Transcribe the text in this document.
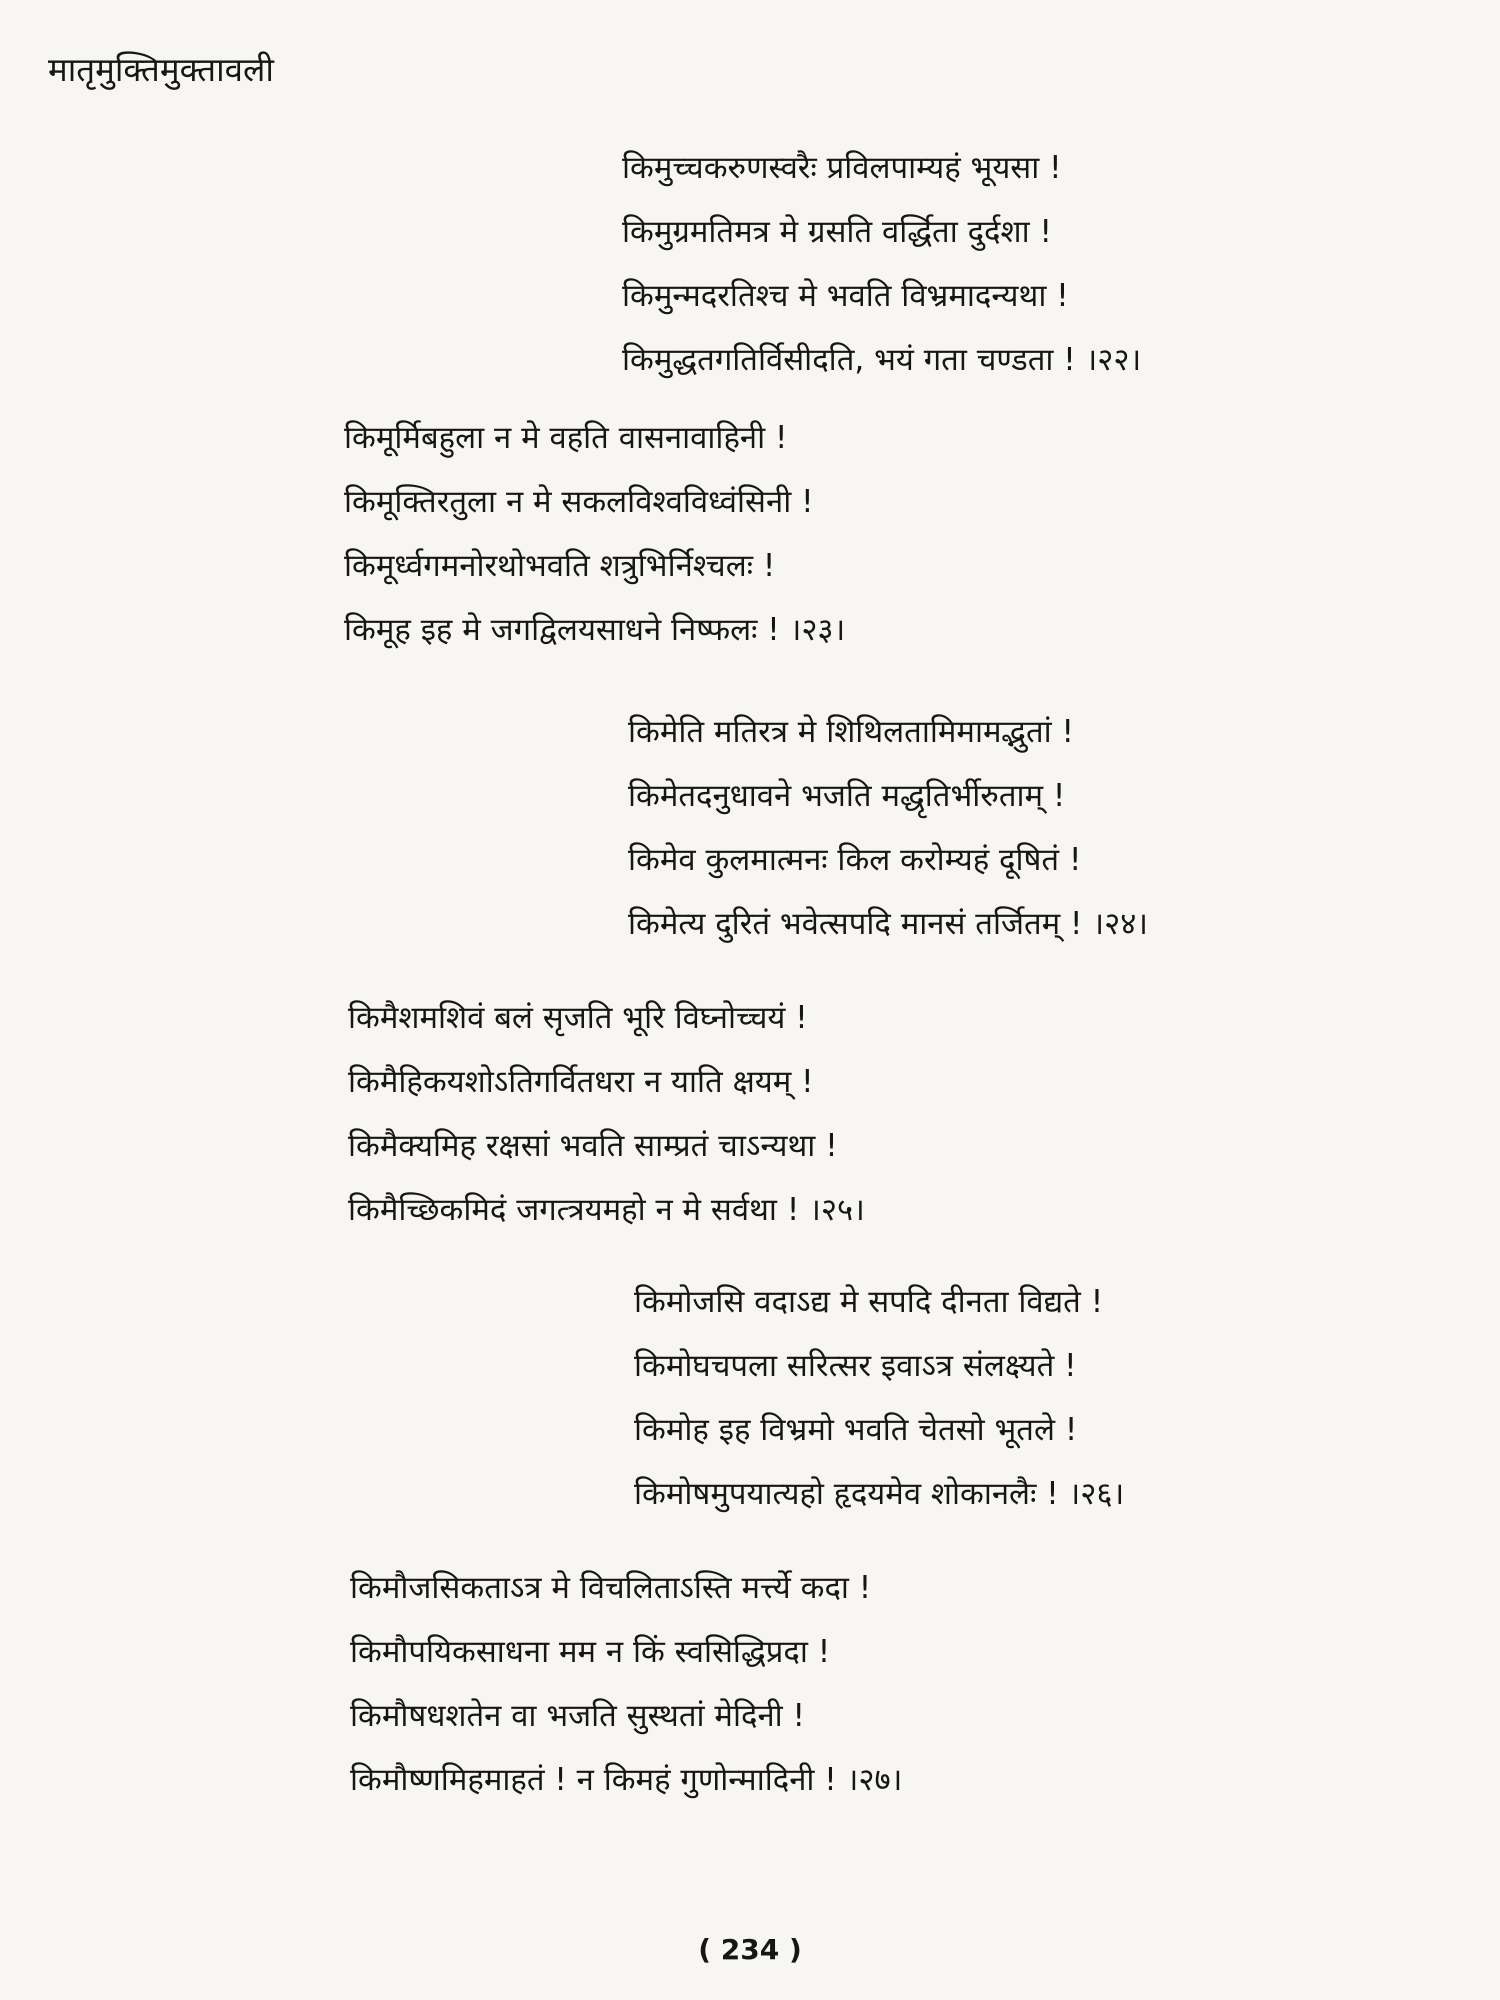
मातृमुक्तिमुक्तावली
किमुच्चकरुणस्वरैः प्रविलपाम्यहं भूयसा !
किमुग्रमतिमत्र मे ग्रसति वर्द्धिता दुर्दशा !
किमुन्मदरतिश्च मे भवति विभ्रमादन्यथा !
किमुद्धतगतिर्विसीदति, भयं गता चण्डता ! ।२२।
किमूर्मिबहुला न मे वहति वासनावाहिनी !
किमूक्तिरतुला न मे सकलविश्वविध्वंसिनी !
किमूर्ध्वगमनोरथोभवति शत्रुभिर्निश्चलः !
किमूह इह मे जगद्विलयसाधने निष्फलः ! ।२३।
किमेति मतिरत्र मे शिथिलतामिमामद्भुतां !
किमेतदनुधावने भजति मद्धृतिर्भीरुताम् !
किमेव कुलमात्मनः किल करोम्यहं दूषितं !
किमेत्य दुरितं भवेत्सपदि मानसं तर्जितम् ! ।२४।
किमैशमशिवं बलं सृजति भूरि विघ्नोच्चयं !
किमैहिकयशोऽतिगर्वितधरा न याति क्षयम् !
किमैक्यमिह रक्षसां भवति साम्प्रतं चाऽन्यथा !
किमैच्छिकमिदं जगत्त्रयमहो न मे सर्वथा ! ।२५।
किमोजसि वदाऽद्य मे सपदि दीनता विद्यते !
किमोघचपला सरित्सर इवाऽत्र संलक्ष्यते !
किमोह इह विभ्रमो भवति चेतसो भूतले !
किमोषमुपयात्यहो हृदयमेव शोकानलैः ! ।२६।
किमौजसिकताऽत्र मे विचलिताऽस्ति मर्त्त्ये कदा !
किमौपयिकसाधना मम न किं स्वसिद्धिप्रदा !
किमौषधशतेन वा भजति सुस्थतां मेदिनी !
किमौष्णमिहमाहतं ! न किमहं गुणोन्मादिनी ! ।२७।
( 234 )
